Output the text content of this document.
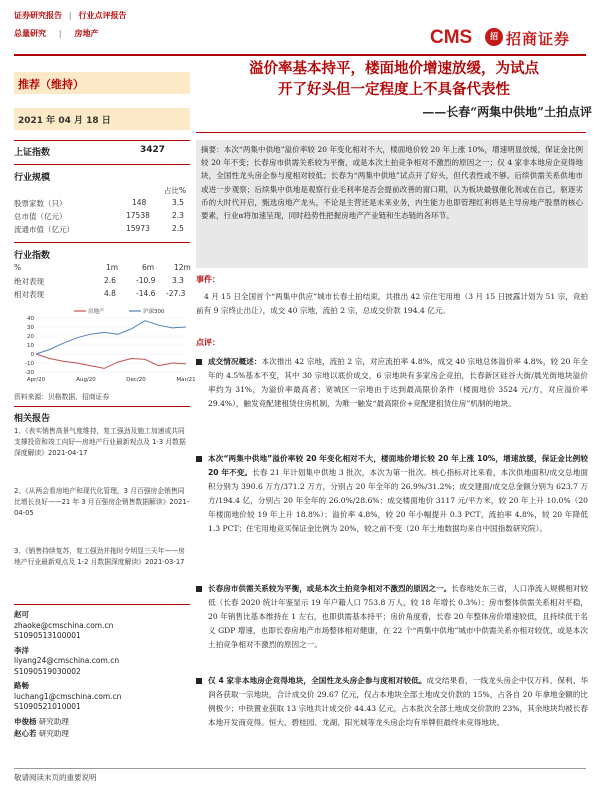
证券研究报告 | 行业点评报告
总量研究 | 房地产	CMS	招 招商证券
推荐（维持）
2021 年 04 月 18 日
上证指数	3427
行业规模
占比%
股票家数（只）	148	3.5
总市值（亿元）	17538	2.3
流通市值（亿元）	15973	2.5
行业指数
%	1m	6m	12m
绝对表现	2.6	-10.9 3.3
相对表现	4.8	-14.6 -27.3
40
30
20
10
0
-10
-20
Apr/20	Aug/20	Dec/20	Mar/21
房地产	沪深300
资料来源：贝格数据、招商证券
相关报告
1、《表实销售高景气度维持，复工强劲及施工加速或共同支撑投资和竣工向好—房地产行业最新观点及 1-3 月数据深度解读》2021-04-17
2、《从两会看房地产和现代化管理，3 月百强房企销售同比增长良好——21 年 3 月百强房企销售数据解读》2021-04-05
3、《销售持续复苏，复工强劲并拖时令明显三天年——房地产行业最新观点及 1-2 月数据深度解读》2021-03-17
赵可
zhaoke@cmschina.com.cn
S1090513100001
李洋
liyang24@cmschina.com.cn
S1090519030002
路畅
luchang1@cmschina.com.cn
S1090521010001
申俊杨 研究助理
赵心若 研究助理
溢价率基本持平，楼面地价增速放缓，为试点
开了好头但一定程度上不具备代表性
——长春“两集中供地”土拍点评
摘要：本次“两集中供地”溢价率较 20 年变化相对不大，楼面地价较 20 年上涨 10%，增速明显放缓，保证金比例较 20 年不变；长春房市供需关系较为平衡，或是本次土拍竞争相对不激烈的原因之一；仅 4 家非本地房企竞得地块，全国性龙头房企参与度相对较低；长春为“两集中供地”试点开了好头，但代表性或不够。后续供需关系供地市或进一步观察；后续集中供地是观察行业毛利率是否会提前改善的窗口期，认为板块最强催化剂或在自己，驱逐劣币的大时代开启，甄选房地产龙头，不论是主营还是未来业务，内生能力也即管理红利将是主导房地产股票的核心要素，行业α将加速呈现，同时趋势性把握房地产产业链和生态链的各环节。
事件：
4 月 15 日全国首个“两集中供应”城市长春土拍结束，共推出 42 宗住宅用地（3 月 15 日披露计划为 51 宗，竞拍前有 9 宗终止出让），成交 40 宗地，流拍 2 宗，总成交价款 194.4 亿元。
点评：
成交情况概述：本次推出 42 宗地，流拍 2 宗，对应流拍率 4.8%，成交 40 宗地总体溢价率 4.8%，较 20 年全年的 4.5%基本不变，其中 30 宗地以底价成交，6 宗地块有多家房企竞拍，长春新区硅谷大街/晨光街地块溢价率约为 31%，为溢价率最高者；宽城区一宗地由于达到最高限价条件（楼面地价 3524 元/方，对应溢价率 29.4%），触发竞配建租赁住房机制，为唯一触发“最高限价+竞配建租赁住房”机制的地块。
本次“两集中供地”溢价率较 20 年变化相对不大，楼面地价增长较 20 年上涨 10%，增速放缓，保证金比例较 20 年不变。长春 21 年计划集中供地 3 批次，本次为第一批次。核心指标对比来看，本次供地面积/成交总地面积分别为 390.6 万方/371.2 万方，分别占 20 年全年的 26.9%/31.2%；成交建面/成交总金额分别为 623.7 万方/194.4 亿，分别占 20 年全年的 26.0%/28.6%；成交楼面地价 3117 元/平方米，较 20 年上升 10.0%（20 年楼面地价较 19 年上升 18.8%）；溢价率 4.8%，较 20 年小幅提升 0.3 PCT，流拍率 4.8%，较 20 年降低 1.3 PCT；住宅用地竞买保证金比例为 20%，较之前不变（20 年土地数据均来自中国指数研究院）。
长春房市供需关系较为平衡，或是本次土拍竞争相对不激烈的原因之一。长春地处东三省，人口净流入规模相对较低（长春 2020 统计年鉴显示 19 年户籍人口 753.8 万人，较 18 年增长 0.3%）；房市整体供需关系相对平稳，20 年销售比基本维持在 1 左右，也即供需基本持平；房价角度看，长春 20 年整体房价增速较低，且持续低于名义 GDP 增速，也即长春房地产市场整体相对健康，在 22 个“两集中供地”城市中供需关系亦相对较优，或是本次土拍竞争相对不激烈的原因之一。
仅 4 家非本地房企竞得地块，全国性龙头房企参与度相对较低。成交结果看，一线龙头房企中仅万科、保利、华润各获取一宗地块，合计成交价 29.67 亿元，仅占本地块全部土地成交价款的 15%，占各自 20 年拿地金额的比例极少；中铁置业获取 13 宗地共计成交价 44.43 亿元，占本批次全部土地成交价款的 23%，其余地块均被长春本地开发商竞得。恒大、碧桂园、龙湖、阳光城等龙头房企均有举牌但最终未竞得地块。
敬请阅读末页的重要说明
